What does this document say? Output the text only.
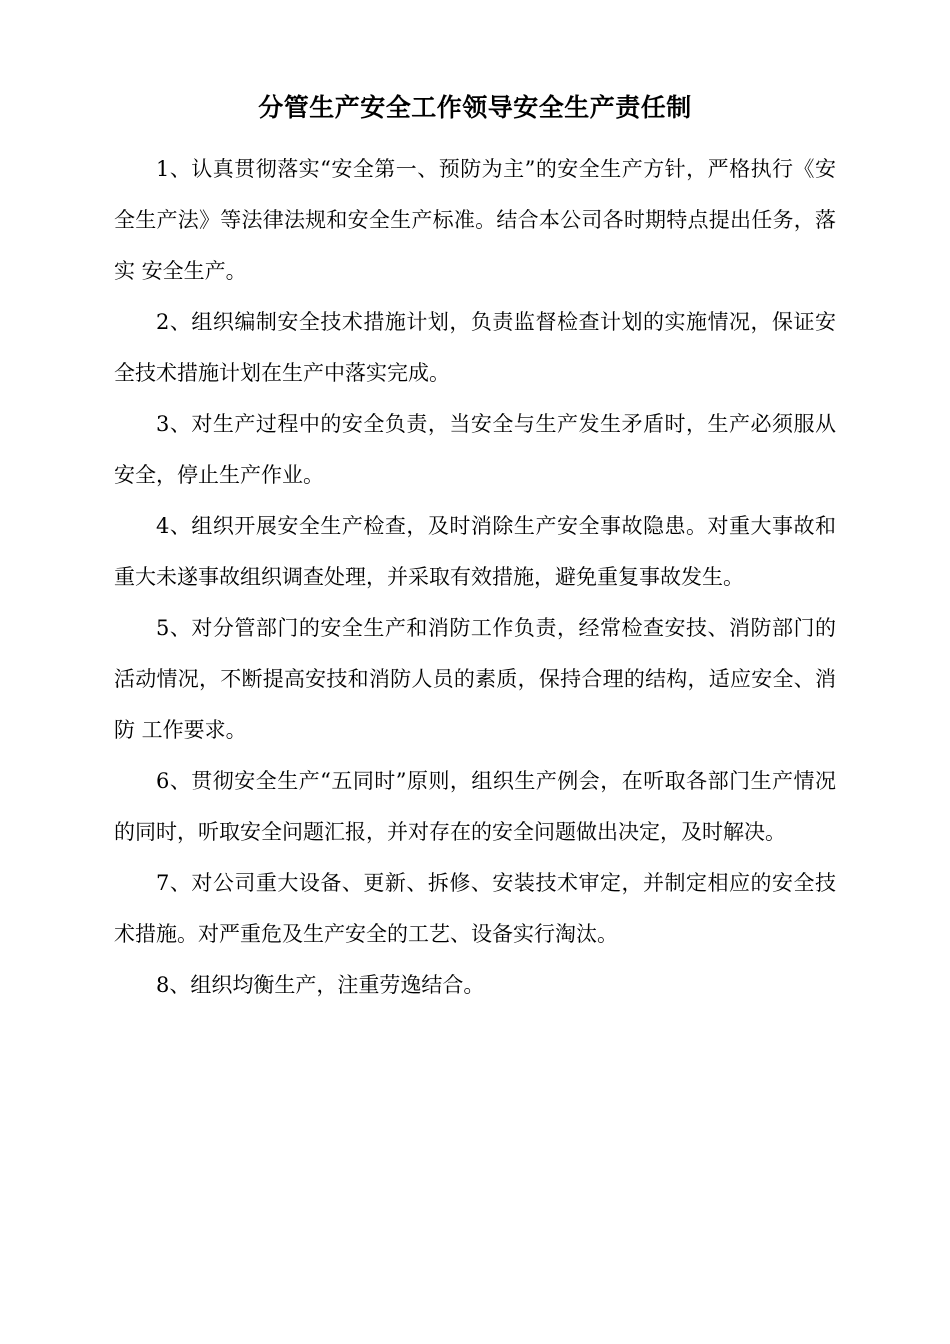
分管生产安全工作领导安全生产责任制

1、认真贯彻落实“安全第一、预防为主”的安全生产方针，严格执行《安 全生产法》等法律法规和安全生产标准。结合本公司各时期特点提出任务，落实 安全生产。

2、组织编制安全技术措施计划，负责监督检查计划的实施情况，保证安 全技术措施计划在生产中落实完成。

3、对生产过程中的安全负责，当安全与生产发生矛盾时，生产必须服从 安全，停止生产作业。

4、组织开展安全生产检查，及时消除生产安全事故隐患。对重大事故和重大未遂事故组织调查处理，并采取有效措施，避免重复事故发生。

5、对分管部门的安全生产和消防工作负责，经常检查安技、消防部门的活动情况，不断提高安技和消防人员的素质，保持合理的结构，适应安全、消防 工作要求。

6、贯彻安全生产“五同时”原则，组织生产例会，在听取各部门生产情况的同时，听取安全问题汇报，并对存在的安全问题做出决定，及时解决。

7、对公司重大设备、更新、拆修、安装技术审定，并制定相应的安全技术措施。对严重危及生产安全的工艺、设备实行淘汰。

8、组织均衡生产，注重劳逸结合。
